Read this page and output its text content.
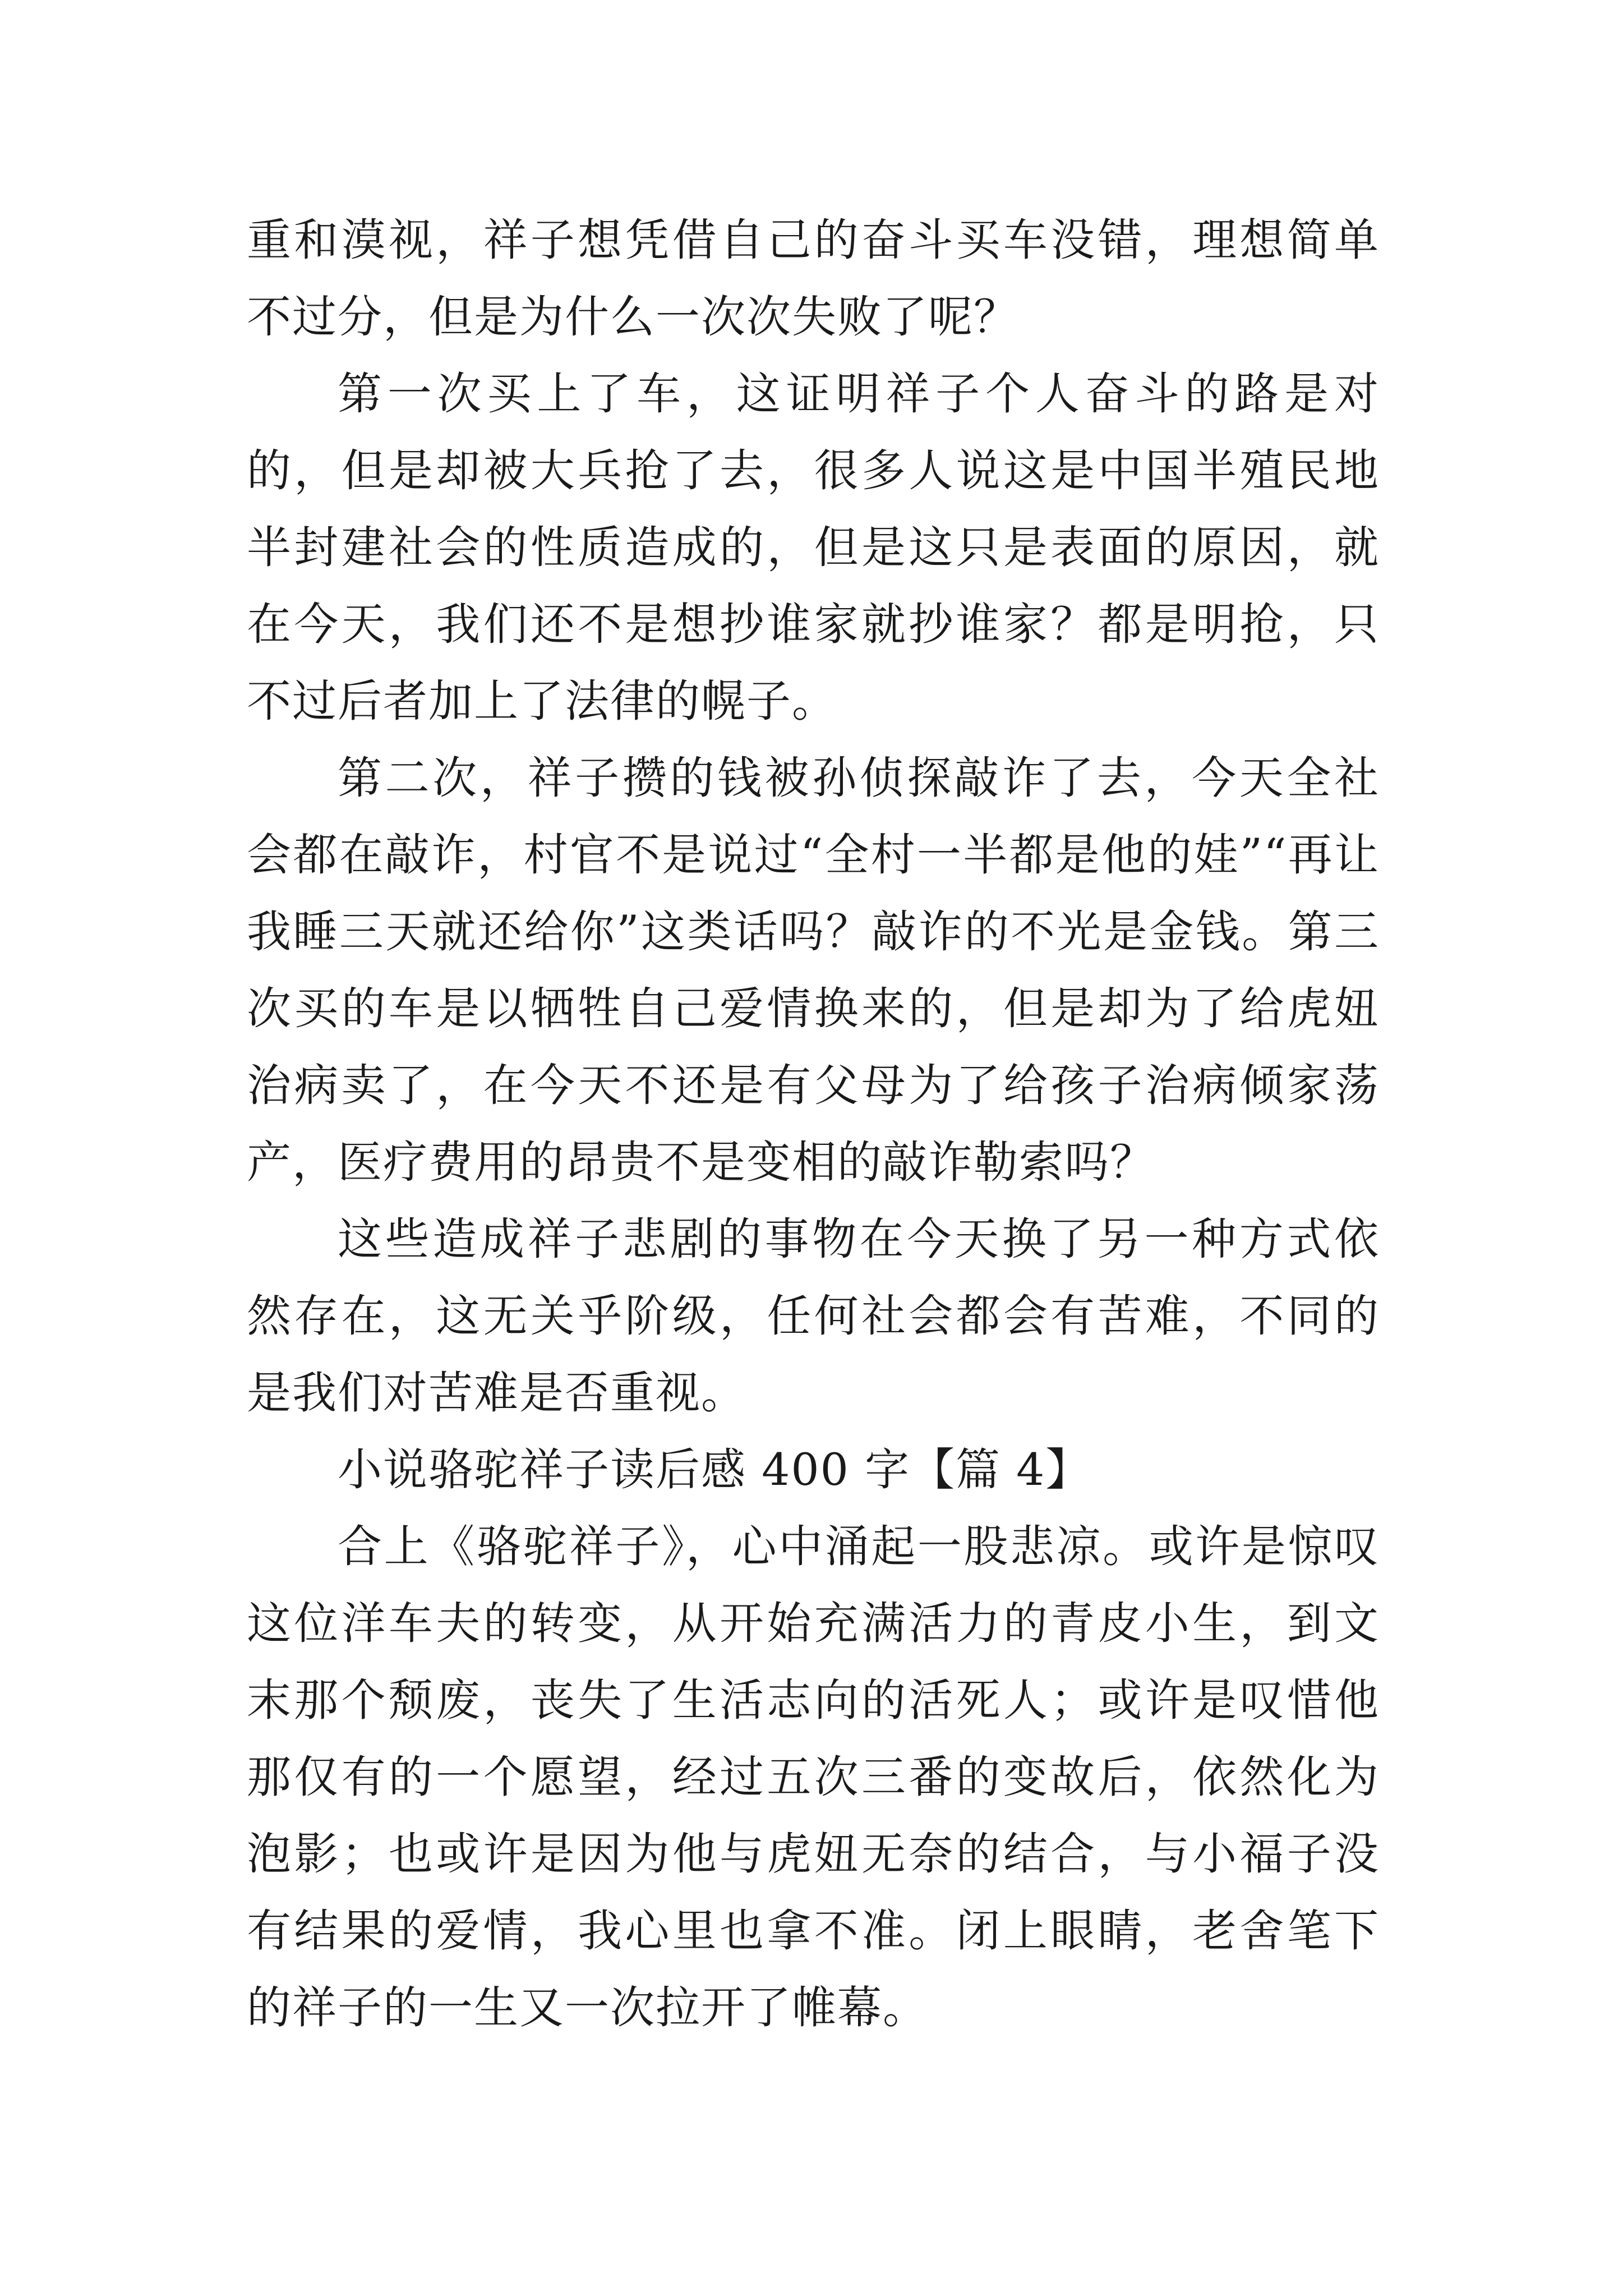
重和漠视，祥子想凭借自己的奋斗买车没错，理想简单不过分，但是为什么一次次失败了呢？

第一次买上了车，这证明祥子个人奋斗的路是对的，但是却被大兵抢了去，很多人说这是中国半殖民地半封建社会的性质造成的，但是这只是表面的原因，就在今天，我们还不是想抄谁家就抄谁家？都是明抢，只不过后者加上了法律的幌子。

第二次，祥子攒的钱被孙侦探敲诈了去，今天全社会都在敲诈，村官不是说过“全村一半都是他的娃”“再让我睡三天就还给你”这类话吗？敲诈的不光是金钱。第三次买的车是以牺牲自己爱情换来的，但是却为了给虎妞治病卖了，在今天不还是有父母为了给孩子治病倾家荡产，医疗费用的昂贵不是变相的敲诈勒索吗？

这些造成祥子悲剧的事物在今天换了另一种方式依然存在，这无关乎阶级，任何社会都会有苦难，不同的是我们对苦难是否重视。

小说骆驼祥子读后感 400 字【篇 4】

合上《骆驼祥子》，心中涌起一股悲凉。或许是惊叹这位洋车夫的转变，从开始充满活力的青皮小生，到文末那个颓废，丧失了生活志向的活死人；或许是叹惜他那仅有的一个愿望，经过五次三番的变故后，依然化为泡影；也或许是因为他与虎妞无奈的结合，与小福子没有结果的爱情，我心里也拿不准。闭上眼睛，老舍笔下的祥子的一生又一次拉开了帷幕。
